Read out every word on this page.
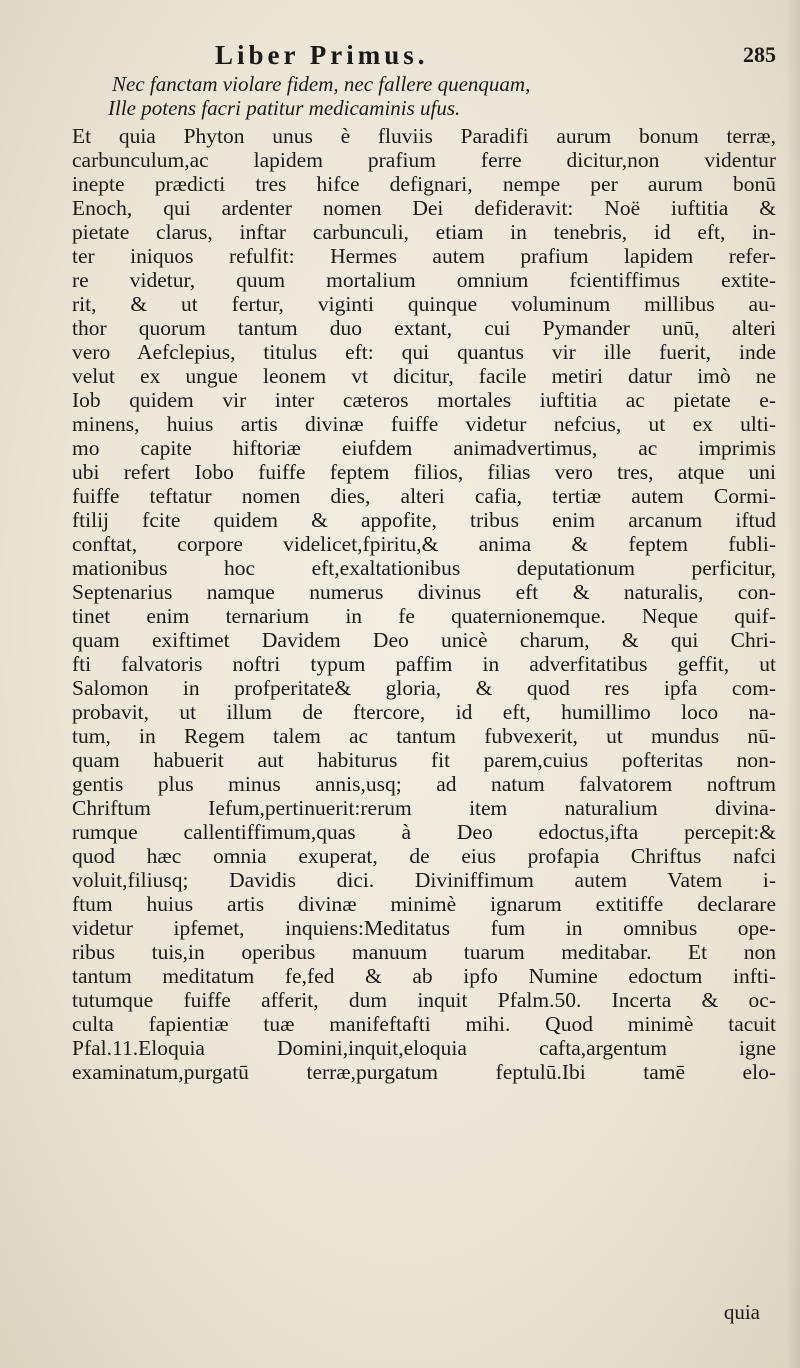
Liber Primus.	285
Nec fanctam violare fidem, nec fallere quenquam,
Ille potens facri patitur medicaminis ufus.
Et quia Phyton unus è fluviis Paradifi aurum bonum terræ,
carbunculum,ac lapidem prafium ferre dicitur,non videntur
inepte prædicti tres hifce defignari, nempe per aurum bonū
Enoch, qui ardenter nomen Dei defideravit: Noë iuftitia &
pietate clarus, inftar carbunculi, etiam in tenebris, id eft, in-
ter iniquos refulfit: Hermes autem prafium lapidem refer-
re videtur, quum mortalium omnium fcientiffimus extite-
rit, & ut fertur, viginti quinque voluminum millibus au-
thor quorum tantum duo extant, cui Pymander unū, alteri
vero Aefclepius, titulus eft: qui quantus vir ille fuerit, inde
velut ex ungue leonem vt dicitur, facile metiri datur imò ne
Iob quidem vir inter cæteros mortales iuftitia ac pietate e-
minens, huius artis divinæ fuiffe videtur nefcius, ut ex ulti-
mo capite hiftoriæ eiufdem animadvertimus, ac imprimis
ubi refert Iobo fuiffe feptem filios, filias vero tres, atque uni
fuiffe teftatur nomen dies, alteri cafia, tertiæ autem Cormi-
ftilij fcite quidem & appofite, tribus enim arcanum iftud
conftat, corpore videlicet,fpiritu,& anima & feptem fubli-
mationibus hoc eft,exaltationibus deputationum perficitur,
Septenarius namque numerus divinus eft & naturalis, con-
tinet enim ternarium in fe quaternionemque. Neque quif-
quam exiftimet Davidem Deo unicè charum, & qui Chri-
fti falvatoris noftri typum paffim in adverfitatibus geffit, ut
Salomon in profperitate& gloria, & quod res ipfa com-
probavit, ut illum de ftercore, id eft, humillimo loco na-
tum, in Regem talem ac tantum fubvexerit, ut mundus nū-
quam habuerit aut habiturus fit parem,cuius pofteritas non-
gentis plus minus annis,usq; ad natum falvatorem noftrum
Chriftum Iefum,pertinuerit:rerum item naturalium divina-
rumque callentiffimum,quas à Deo edoctus,ifta percepit:&
quod hæc omnia exuperat, de eius profapia Chriftus nafci
voluit,filiusq; Davidis dici. Diviniffimum autem Vatem i-
ftum huius artis divinæ minimè ignarum extitiffe declarare
videtur ipfemet, inquiens:Meditatus fum in omnibus ope-
ribus tuis,in operibus manuum tuarum meditabar. Et non
tantum meditatum fe,fed & ab ipfo Numine edoctum infti-
tutumque fuiffe afferit, dum inquit Pfalm.50. Incerta & oc-
culta fapientiæ tuæ manifeftafti mihi. Quod minimè tacuit
Pfal.11.Eloquia Domini,inquit,eloquia cafta,argentum igne
examinatum,purgatū terræ,purgatum feptulū.Ibi tamē elo-
quia
